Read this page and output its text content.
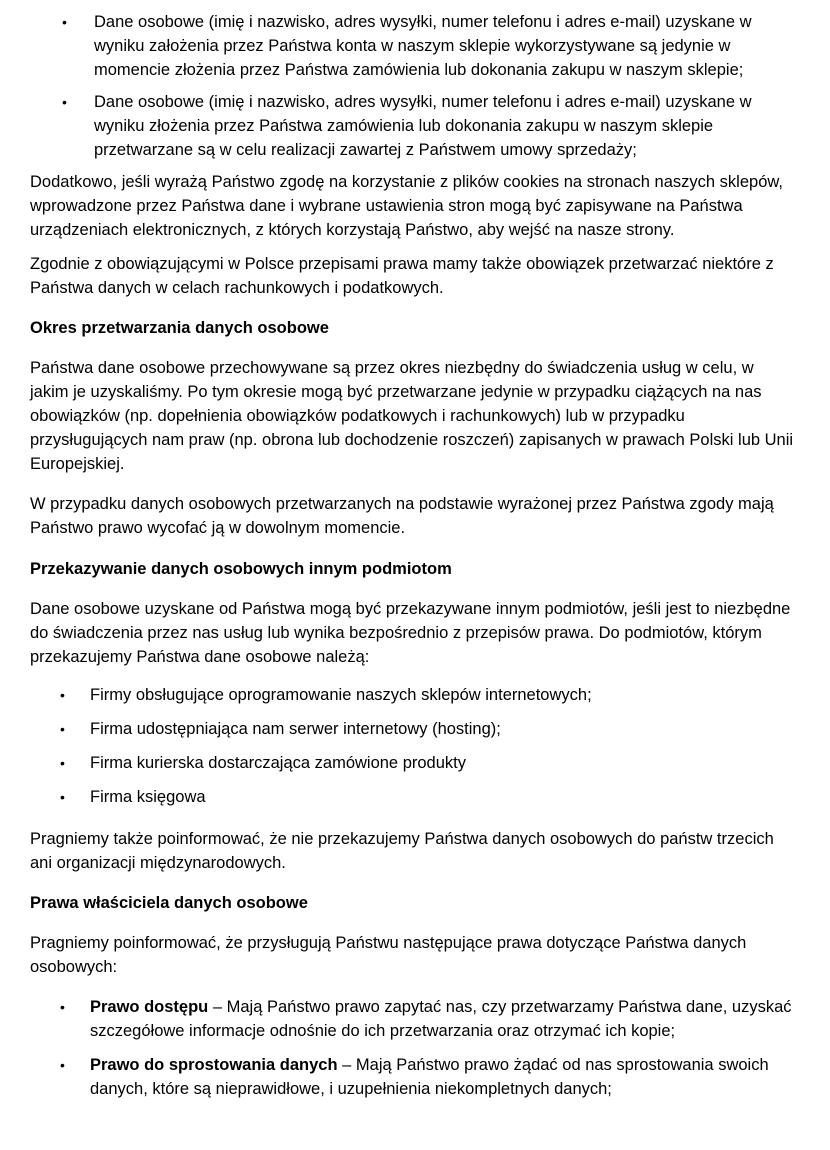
• Dane osobowe (imię i nazwisko, adres wysyłki, numer telefonu i adres e-mail) uzyskane w wyniku założenia przez Państwa konta w naszym sklepie wykorzystywane są jedynie w momencie złożenia przez Państwa zamówienia lub dokonania zakupu w naszym sklepie;
• Dane osobowe (imię i nazwisko, adres wysyłki, numer telefonu i adres e-mail) uzyskane w wyniku złożenia przez Państwa zamówienia lub dokonania zakupu w naszym sklepie przetwarzane są w celu realizacji zawartej z Państwem umowy sprzedaży;

Dodatkowo, jeśli wyrażą Państwo zgodę na korzystanie z plików cookies na stronach naszych sklepów, wprowadzone przez Państwa dane i wybrane ustawienia stron mogą być zapisywane na Państwa urządzeniach elektronicznych, z których korzystają Państwo, aby wejść na nasze strony.

Zgodnie z obowiązującymi w Polsce przepisami prawa mamy także obowiązek przetwarzać niektóre z Państwa danych w celach rachunkowych i podatkowych.

Okres przetwarzania danych osobowe

Państwa dane osobowe przechowywane są przez okres niezbędny do świadczenia usług w celu, w jakim je uzyskaliśmy. Po tym okresie mogą być przetwarzane jedynie w przypadku ciążących na nas obowiązków (np. dopełnienia obowiązków podatkowych i rachunkowych) lub w przypadku przysługujących nam praw (np. obrona lub dochodzenie roszczeń) zapisanych w prawach Polski lub Unii Europejskiej.

W przypadku danych osobowych przetwarzanych na podstawie wyrażonej przez Państwa zgody mają Państwo prawo wycofać ją w dowolnym momencie.

Przekazywanie danych osobowych innym podmiotom

Dane osobowe uzyskane od Państwa mogą być przekazywane innym podmiotów, jeśli jest to niezbędne do świadczenia przez nas usług lub wynika bezpośrednio z przepisów prawa. Do podmiotów, którym przekazujemy Państwa dane osobowe należą:

• Firmy obsługujące oprogramowanie naszych sklepów internetowych;
• Firma udostępniająca nam serwer internetowy (hosting);
• Firma kurierska dostarczająca zamówione produkty
• Firma księgowa

Pragniemy także poinformować, że nie przekazujemy Państwa danych osobowych do państw trzecich ani organizacji międzynarodowych.

Prawa właściciela danych osobowe

Pragniemy poinformować, że przysługują Państwu następujące prawa dotyczące Państwa danych osobowych:

• Prawo dostępu – Mają Państwo prawo zapytać nas, czy przetwarzamy Państwa dane, uzyskać szczegółowe informacje odnośnie do ich przetwarzania oraz otrzymać ich kopie;
• Prawo do sprostowania danych – Mają Państwo prawo żądać od nas sprostowania swoich danych, które są nieprawidłowe, i uzupełnienia niekompletnych danych;
